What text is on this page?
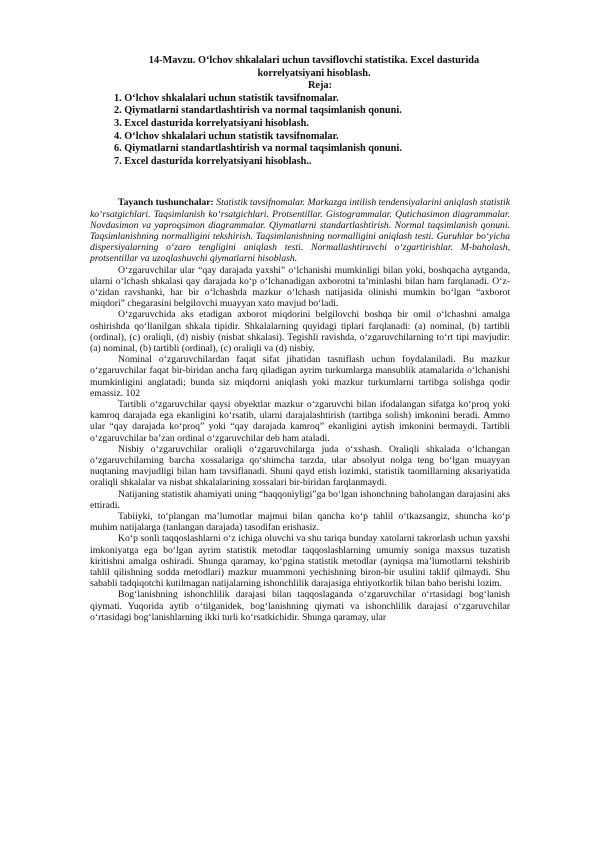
14-Mavzu. O‘lchov shkalalari uchun tavsiflovchi statistika. Excel dasturida
korrelyatsiyani hisoblash.
Reja:
1. O‘lchov shkalalari uchun statistik tavsifnomalar.
2. Qiymatlarni standartlashtirish va normal taqsimlanish qonuni.
3. Excel dasturida korrelyatsiyani hisoblash.
4. O‘lchov shkalalari uchun statistik tavsifnomalar.
6. Qiymatlarni standartlashtirish va normal taqsimlanish qonuni.
7. Excel dasturida korrelyatsiyani hisoblash..

Tayanch tushunchalar: Statistik tavsifnomalar. Markazga intilish tendensiyalarini aniqlash statistik ko‘rsatgichlari. Taqsimlanish ko‘rsatgichlari. Protsentillar. Gistogrammalar. Qutichasimon diagrammalar. Novdasimon va yaproqsimon diagrammalar. Qiymatlarni standartlashtirish. Normal taqsimlanish qonuni. Taqsimlanishning normalligini tekshirish. Taqsimlanishning normalligini aniqlash testi. Guruhlar bo‘yicha dispersiyalarning o‘zaro tengligini aniqlash testi. Normallashtiruvchi o‘zgartirishlar. M-baholash, protsentillar va uzoqlashuvchi qiymatlarni hisoblash.

O‘zgaruvchilar ular “qay darajada yaxshi” o‘lchanishi mumkinligi bilan yoki, boshqacha aytganda, ularni o‘lchash shkalasi qay darajada ko‘p o‘lchanadigan axborotni ta’minlashi bilan ham farqlanadi. O‘z-o‘zidan ravshanki, har bir o‘lchashda mazkur o‘lchash natijasida olinishi mumkin bo‘lgan “axborot miqdori” chegarasini belgilovchi muayyan xato mavjud bo‘ladi.

O‘zgaruvchida aks etadigan axborot miqdorini belgilovchi boshqa bir omil o‘lchashni amalga oshirishda qo‘llanilgan shkala tipidir. Shkalalarning quyidagi tiplari farqlanadi: (a) nominal, (b) tartibli (ordinal), (c) oraliqli, (d) nisbiy (nisbat shkalasi). Tegishli ravishda, o‘zgaruvchilarning to‘rt tipi mavjudir: (a) nominal, (b) tartibli (ordinal), (c) oraliqli va (d) nisbiy.

Nominal o‘zgaruvchilardan faqat sifat jihatidan tasniflash uchun foydalaniladi. Bu mazkur o‘zgaruvchilar faqat bir-biridan ancha farq qiladigan ayrim turkumlarga mansublik atamalarida o‘lchanishi mumkinligini anglatadi; bunda siz miqdorni aniqlash yoki mazkur turkumlarni tartibga solishga qodir emassiz. 102

Tartibli o‘zgaruvchilar qaysi obyektlar mazkur o‘zgaruvchi bilan ifodalangan sifatga ko‘proq yoki kamroq darajada ega ekanligini ko‘rsatib, ularni darajalashtirish (tartibga solish) imkonini beradi. Ammo ular “qay darajada ko‘proq” yoki “qay darajada kamroq” ekanligini aytish imkonini bermaydi. Tartibli o‘zgaruvchilar ba’zan ordinal o‘zgaruvchilar deb ham ataladi.

Nisbiy o‘zgaruvchilar oraliqli o‘zgaruvchilarga juda o‘xshash. Oraliqli shkalada o‘lchangan o‘zgaruvchilarning barcha xossalariga qo‘shimcha tarzda, ular absolyut nolga teng bo‘lgan muayyan nuqtaning mavjudligi bilan ham tavsiflanadi. Shuni qayd etish lozimki, statistik taomillarning aksariyatida oraliqli shkalalar va nisbat shkalalarining xossalari bir-biridan farqlanmaydi.

Natijaning statistik ahamiyati uning “haqqoniyligi”ga bo‘lgan ishonchning baholangan darajasini aks ettiradi.

Tabiiyki, to‘plangan ma’lumotlar majmui bilan qancha ko‘p tahlil o‘tkazsangiz, shuncha ko‘p muhim natijalarga (tanlangan darajada) tasodifan erishasiz.

Ko‘p sonli taqqoslashlarni o‘z ichiga oluvchi va shu tariqa bunday xatolarni takrorlash uchun yaxshi imkoniyatga ega bo‘lgan ayrim statistik metodlar taqqoslashlarning umumiy soniga maxsus tuzatish kiritishni amalga oshiradi. Shunga qaramay, ko‘pgina statistik metodlar (ayniqsa ma’lumotlarni tekshirib tahlil qilishning sodda metodlari) mazkur muammoni yechishning biron-bir usulini taklif qilmaydi. Shu sababli tadqiqotchi kutilmagan natijalarning ishonchlilik darajasiga ehtiyotkorlik bilan baho berishi lozim.

Bog‘lanishning ishonchlilik darajasi bilan taqqoslaganda o‘zgaruvchilar o‘rtasidagi bog‘lanish qiymati. Yuqorida aytib o‘tilganidek, bog‘lanishning qiymati va ishonchlilik darajasi o‘zgaruvchilar o‘rtasidagi bog‘lanishlarning ikki turli ko‘rsatkichidir. Shunga qaramay, ular
